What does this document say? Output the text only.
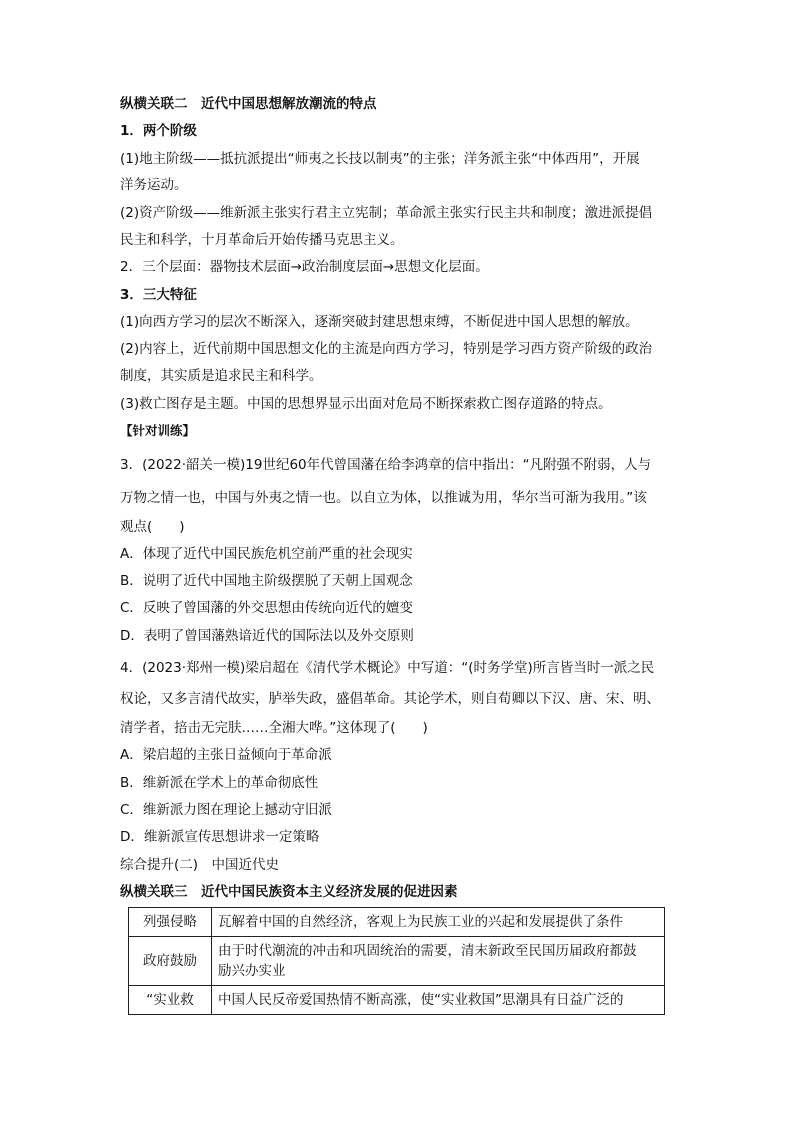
纵横关联二　近代中国思想解放潮流的特点
1．两个阶级
(1)地主阶级——抵抗派提出“师夷之长技以制夷”的主张；洋务派主张“中体西用”，开展
洋务运动。
(2)资产阶级——维新派主张实行君主立宪制；革命派主张实行民主共和制度；激进派提倡
民主和科学，十月革命后开始传播马克思主义。
2．三个层面：器物技术层面→政治制度层面→思想文化层面。
3．三大特征
(1)向西方学习的层次不断深入，逐渐突破封建思想束缚，不断促进中国人思想的解放。
(2)内容上，近代前期中国思想文化的主流是向西方学习，特别是学习西方资产阶级的政治
制度，其实质是追求民主和科学。
(3)救亡图存是主题。中国的思想界显示出面对危局不断探索救亡图存道路的特点。
【针对训练】
3．(2022·韶关一模)19世纪60年代曾国藩在给李鸿章的信中指出：“凡附强不附弱，人与
万物之情一也，中国与外夷之情一也。以自立为体，以推诚为用，华尔当可渐为我用。”该
观点(　　)
A．体现了近代中国民族危机空前严重的社会现实
B．说明了近代中国地主阶级摆脱了天朝上国观念
C．反映了曾国藩的外交思想由传统向近代的嬗变
D．表明了曾国藩熟谙近代的国际法以及外交原则
4．(2023·郑州一模)梁启超在《清代学术概论》中写道：“(时务学堂)所言皆当时一派之民
权论，又多言清代故实，胪举失政，盛倡革命。其论学术，则自荀卿以下汉、唐、宋、明、
清学者，掊击无完肤……全湘大哗。”这体现了(　　)
A．梁启超的主张日益倾向于革命派
B．维新派在学术上的革命彻底性
C．维新派力图在理论上撼动守旧派
D．维新派宣传思想讲求一定策略
综合提升(二)　中国近代史
纵横关联三　近代中国民族资本主义经济发展的促进因素
列强侵略	瓦解着中国的自然经济，客观上为民族工业的兴起和发展提供了条件
政府鼓励	由于时代潮流的冲击和巩固统治的需要，清末新政至民国历届政府都鼓
励兴办实业

“实业救	中国人民反帝爱国热情不断高涨，使“实业救国”思潮具有日益广泛的
